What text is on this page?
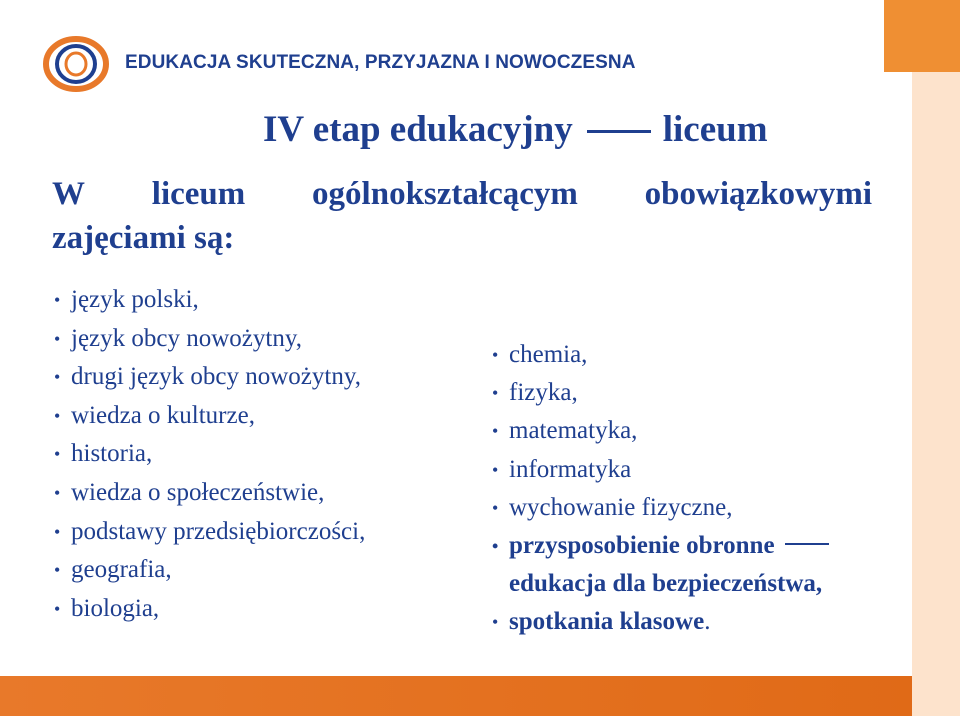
EDUKACJA SKUTECZNA, PRZYJAZNA I NOWOCZESNA
IV etap edukacyjny liceum
W liceum ogólnokształcącym obowiązkowymi
zajęciami są:
• język polski,
• język obcy nowożytny,
• drugi język obcy nowożytny,
• wiedza o kulturze,
• historia,
• wiedza o społeczeństwie,
• podstawy przedsiębiorczości,
• geografia,
• biologia,
• chemia,
• fizyka,
• matematyka,
• informatyka
• wychowanie fizyczne,
• przysposobienie obronne
edukacja dla bezpieczeństwa,
• spotkania klasowe.
